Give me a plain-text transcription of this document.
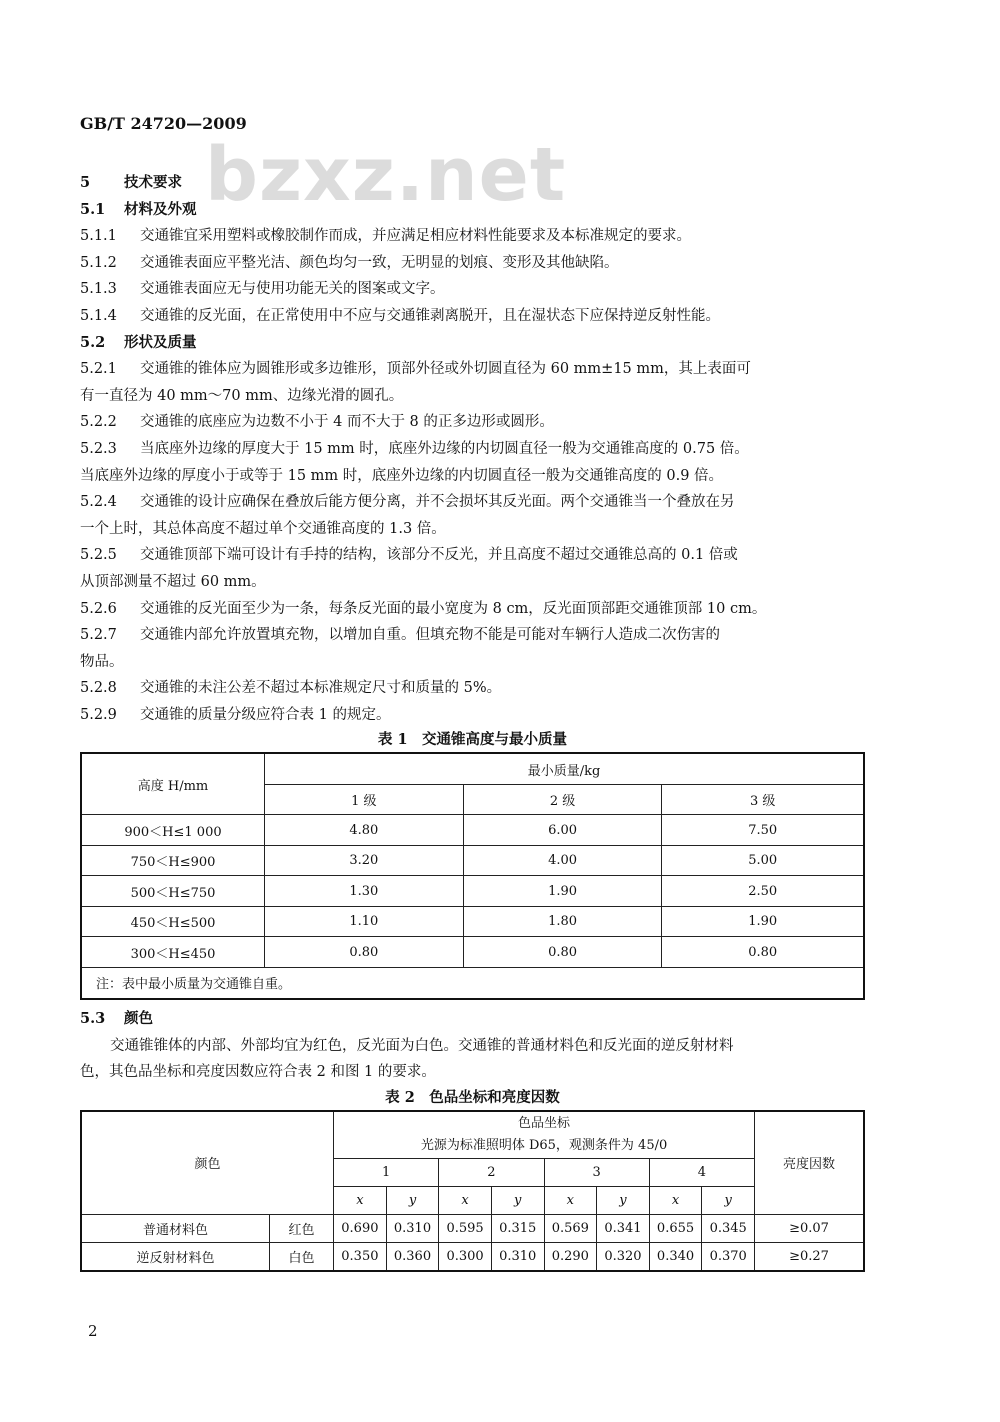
bzxz.net
GB/T 24720—2009
5 技术要求
5.1 材料及外观
5.1.1 交通锥宜采用塑料或橡胶制作而成，并应满足相应材料性能要求及本标准规定的要求。
5.1.2 交通锥表面应平整光洁、颜色均匀一致，无明显的划痕、变形及其他缺陷。
5.1.3 交通锥表面应无与使用功能无关的图案或文字。
5.1.4 交通锥的反光面，在正常使用中不应与交通锥剥离脱开，且在湿状态下应保持逆反射性能。
5.2 形状及质量
5.2.1 交通锥的锥体应为圆锥形或多边锥形，顶部外径或外切圆直径为 60 mm±15 mm，其上表面可
有一直径为 40 mm～70 mm、边缘光滑的圆孔。
5.2.2 交通锥的底座应为边数不小于 4 而不大于 8 的正多边形或圆形。
5.2.3 当底座外边缘的厚度大于 15 mm 时，底座外边缘的内切圆直径一般为交通锥高度的 0.75 倍。
当底座外边缘的厚度小于或等于 15 mm 时，底座外边缘的内切圆直径一般为交通锥高度的 0.9 倍。
5.2.4 交通锥的设计应确保在叠放后能方便分离，并不会损坏其反光面。两个交通锥当一个叠放在另
一个上时，其总体高度不超过单个交通锥高度的 1.3 倍。
5.2.5 交通锥顶部下端可设计有手持的结构，该部分不反光，并且高度不超过交通锥总高的 0.1 倍或
从顶部测量不超过 60 mm。
5.2.6 交通锥的反光面至少为一条，每条反光面的最小宽度为 8 cm，反光面顶部距交通锥顶部 10 cm。
5.2.7 交通锥内部允许放置填充物，以增加自重。但填充物不能是可能对车辆行人造成二次伤害的
物品。
5.2.8 交通锥的未注公差不超过本标准规定尺寸和质量的 5%。
5.2.9 交通锥的质量分级应符合表 1 的规定。
表 1　交通锥高度与最小质量
高度 H/mm	最小质量/kg		
	1 级	2 级	3 级
900＜H≤1 000	4.80	6.00	7.50
750＜H≤900	3.20	4.00	5.00
500＜H≤750	1.30	1.90	2.50
450＜H≤500	1.10	1.80	1.90
300＜H≤450	0.80	0.80	0.80
注：表中最小质量为交通锥自重。			
5.3 颜色
交通锥锥体的内部、外部均宜为红色，反光面为白色。交通锥的普通材料色和反光面的逆反射材料
色，其色品坐标和亮度因数应符合表 2 和图 1 的要求。
表 2　色品坐标和亮度因数
颜色		色品坐标
光源为标准照明体 D65，观测条件为 45/0								亮度因数
		1		2		3		4		
		x	y	x	y	x	y	x	y	
普通材料色	红色	0.690	0.310	0.595	0.315	0.569	0.341	0.655	0.345	≥0.07
逆反射材料色	白色	0.350	0.360	0.300	0.310	0.290	0.320	0.340	0.370	≥0.27
2
